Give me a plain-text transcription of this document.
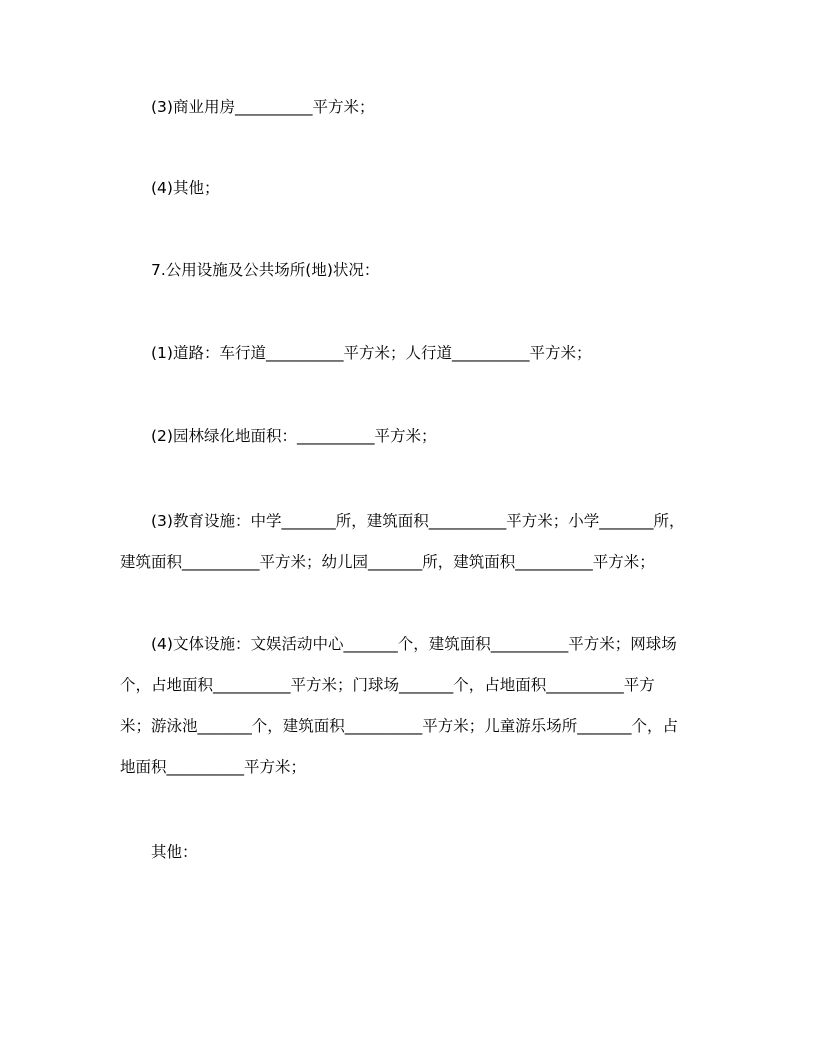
(3)商业用房__________平方米；

(4)其他；

7.公用设施及公共场所(地)状况：

(1)道路：车行道__________平方米；人行道__________平方米；

(2)园林绿化地面积：__________平方米；

(3)教育设施：中学_______所，建筑面积__________平方米；小学_______所，
建筑面积__________平方米；幼儿园_______所，建筑面积__________平方米；
(4)文体设施：文娱活动中心_______个，建筑面积__________平方米；网球场
个，占地面积__________平方米；门球场_______个，占地面积__________平方
米；游泳池_______个，建筑面积__________平方米；儿童游乐场所_______个，占
地面积__________平方米；

其他：
